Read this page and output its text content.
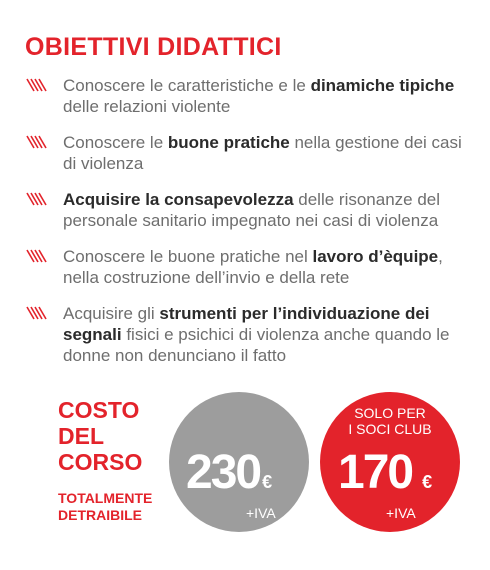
OBIETTIVI DIDATTICI
Conoscere le caratteristiche e le dinamiche tipiche delle relazioni violente
Conoscere le buone pratiche nella gestione dei casi di violenza
Acquisire la consapevolezza delle risonanze del personale sanitario impegnato nei casi di violenza
Conoscere le buone pratiche nel lavoro d’èquipe, nella costruzione dell’invio e della rete
Acquisire gli strumenti per l’individuazione dei segnali fisici e psichici di violenza anche quando le donne non denunciano il fatto
COSTO
DEL
CORSO
TOTALMENTE
DETRAIBILE
SOLO PER
I SOCI CLUB
230 €
+IVA
170 €
+IVA
